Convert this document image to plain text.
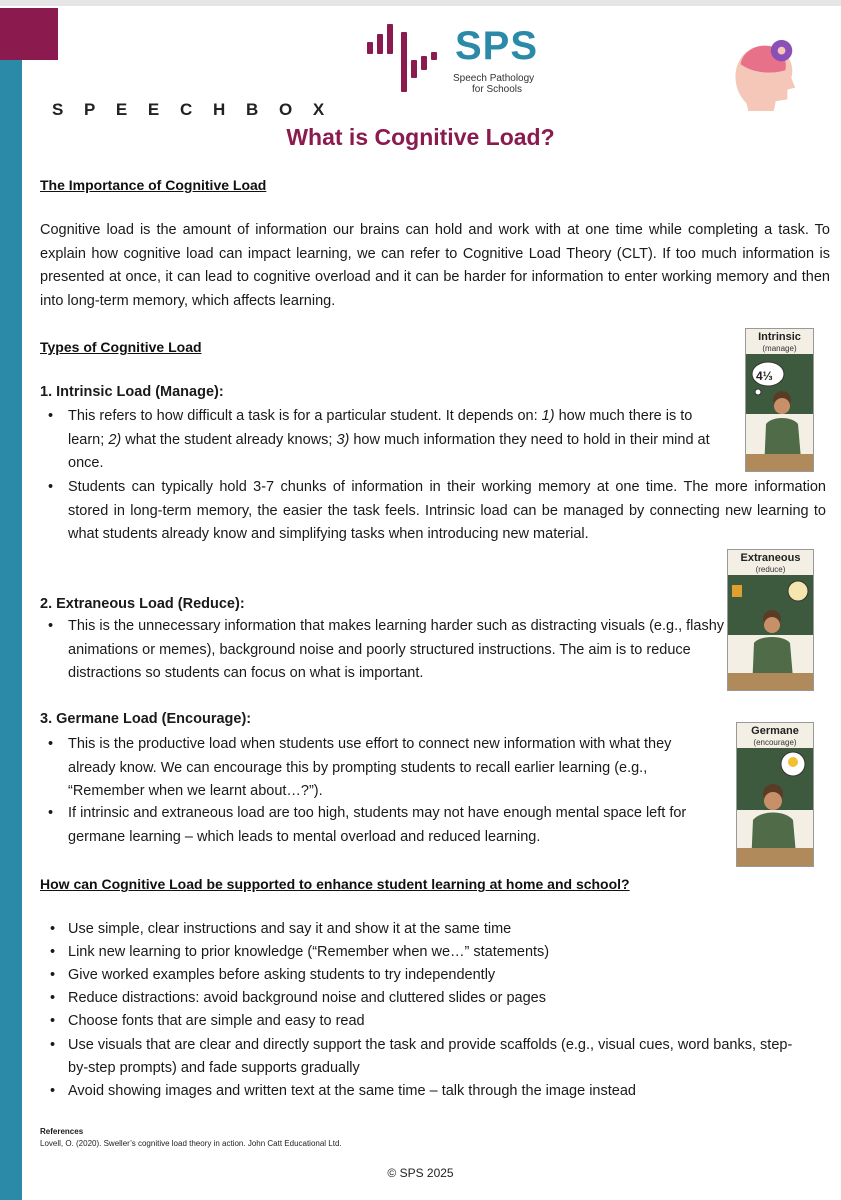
S P E E C H B O X
SPS
Speech Pathology
for Schools
What is Cognitive Load?
The Importance of Cognitive Load
Cognitive load is the amount of information our brains can hold and work with at one time while completing a task. To explain how cognitive load can impact learning, we can refer to Cognitive Load Theory (CLT). If too much information is presented at once, it can lead to cognitive overload and it can be harder for information to enter working memory and then into long-term memory, which affects learning.
Types of Cognitive Load
1. Intrinsic Load (Manage):
•	This refers to how difficult a task is for a particular student. It depends on: 1) how much there is to learn; 2) what the student already knows; 3) how much information they need to hold in their mind at once.
•	Students can typically hold 3-7 chunks of information in their working memory at one time. The more information stored in long-term memory, the easier the task feels. Intrinsic load can be managed by connecting new learning to what students already know and simplifying tasks when introducing new material.
Intrinsic
(manage)
4⅓
2. Extraneous Load (Reduce):
•	This is the unnecessary information that makes learning harder such as distracting visuals (e.g., flashy animations or memes), background noise and poorly structured instructions. The aim is to reduce distractions so students can focus on what is important.
Extraneous
(reduce)
3. Germane Load (Encourage):
•	This is the productive load when students use effort to connect new information with what they already know. We can encourage this by prompting students to recall earlier learning (e.g., “Remember when we learnt about…?”).
•	If intrinsic and extraneous load are too high, students may not have enough mental space left for germane learning – which leads to mental overload and reduced learning.
Germane
(encourage)
How can Cognitive Load be supported to enhance student learning at home and school?
• Use simple, clear instructions and say it and show it at the same time
• Link new learning to prior knowledge (“Remember when we…” statements)
• Give worked examples before asking students to try independently
• Reduce distractions: avoid background noise and cluttered slides or pages
• Choose fonts that are simple and easy to read
• Use visuals that are clear and directly support the task and provide scaffolds (e.g., visual cues, word banks, step-by-step prompts) and fade supports gradually
• Avoid showing images and written text at the same time – talk through the image instead
References
Lovell, O. (2020). Sweller’s cognitive load theory in action. John Catt Educational Ltd.
© SPS 2025
